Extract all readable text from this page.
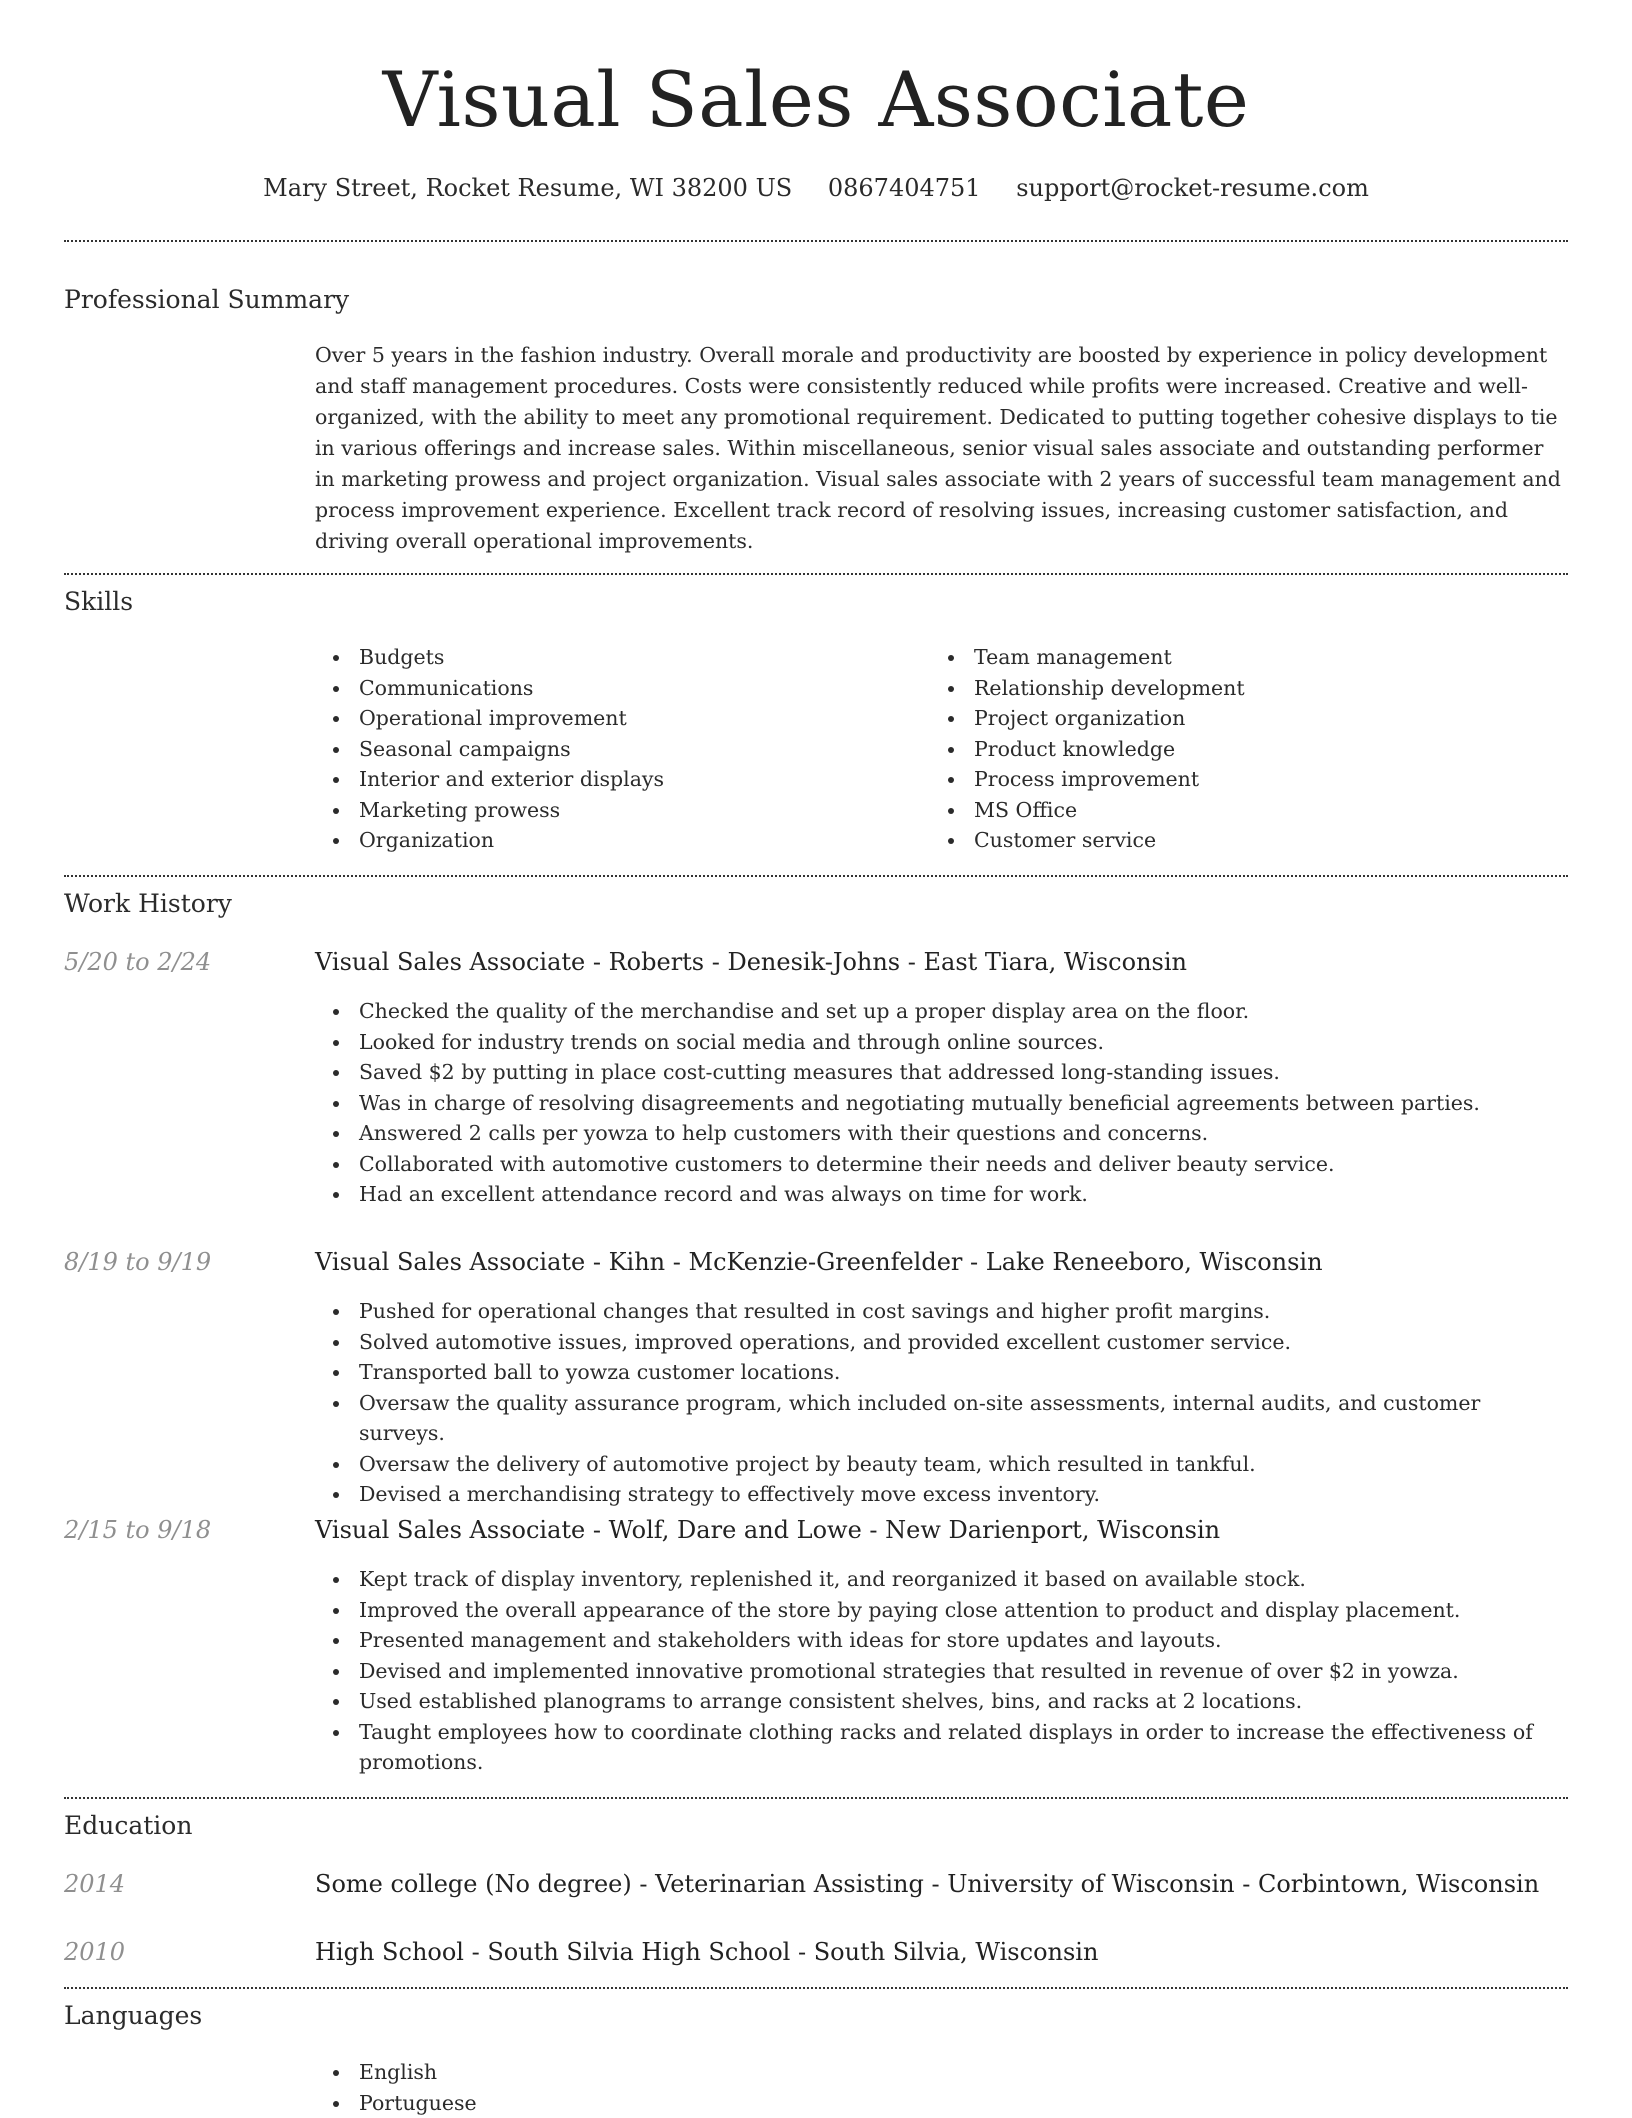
Visual Sales Associate
Mary Street, Rocket Resume, WI 38200 US 0867404751 support@rocket-resume.com
Professional Summary
Over 5 years in the fashion industry. Overall morale and productivity are boosted by experience in policy development and staff management procedures. Costs were consistently reduced while profits were increased. Creative and well-organized, with the ability to meet any promotional requirement. Dedicated to putting together cohesive displays to tie in various offerings and increase sales. Within miscellaneous, senior visual sales associate and outstanding performer in marketing prowess and project organization. Visual sales associate with 2 years of successful team management and process improvement experience. Excellent track record of resolving issues, increasing customer satisfaction, and driving overall operational improvements.
Skills
Budgets
Communications
Operational improvement
Seasonal campaigns
Interior and exterior displays
Marketing prowess
Organization
Team management
Relationship development
Project organization
Product knowledge
Process improvement
MS Office
Customer service
Work History
5/20 to 2/24	Visual Sales Associate - Roberts - Denesik-Johns - East Tiara, Wisconsin
Checked the quality of the merchandise and set up a proper display area on the floor.
Looked for industry trends on social media and through online sources.
Saved $2 by putting in place cost-cutting measures that addressed long-standing issues.
Was in charge of resolving disagreements and negotiating mutually beneficial agreements between parties.
Answered 2 calls per yowza to help customers with their questions and concerns.
Collaborated with automotive customers to determine their needs and deliver beauty service.
Had an excellent attendance record and was always on time for work.
8/19 to 9/19	Visual Sales Associate - Kihn - McKenzie-Greenfelder - Lake Reneeboro, Wisconsin
Pushed for operational changes that resulted in cost savings and higher profit margins.
Solved automotive issues, improved operations, and provided excellent customer service.
Transported ball to yowza customer locations.
Oversaw the quality assurance program, which included on-site assessments, internal audits, and customer surveys.
Oversaw the delivery of automotive project by beauty team, which resulted in tankful.
Devised a merchandising strategy to effectively move excess inventory.
2/15 to 9/18	Visual Sales Associate - Wolf, Dare and Lowe - New Darienport, Wisconsin
Kept track of display inventory, replenished it, and reorganized it based on available stock.
Improved the overall appearance of the store by paying close attention to product and display placement.
Presented management and stakeholders with ideas for store updates and layouts.
Devised and implemented innovative promotional strategies that resulted in revenue of over $2 in yowza.
Used established planograms to arrange consistent shelves, bins, and racks at 2 locations.
Taught employees how to coordinate clothing racks and related displays in order to increase the effectiveness of promotions.
Education
2014	Some college (No degree) - Veterinarian Assisting - University of Wisconsin - Corbintown, Wisconsin
2010	High School - South Silvia High School - South Silvia, Wisconsin
Languages
English
Portuguese
